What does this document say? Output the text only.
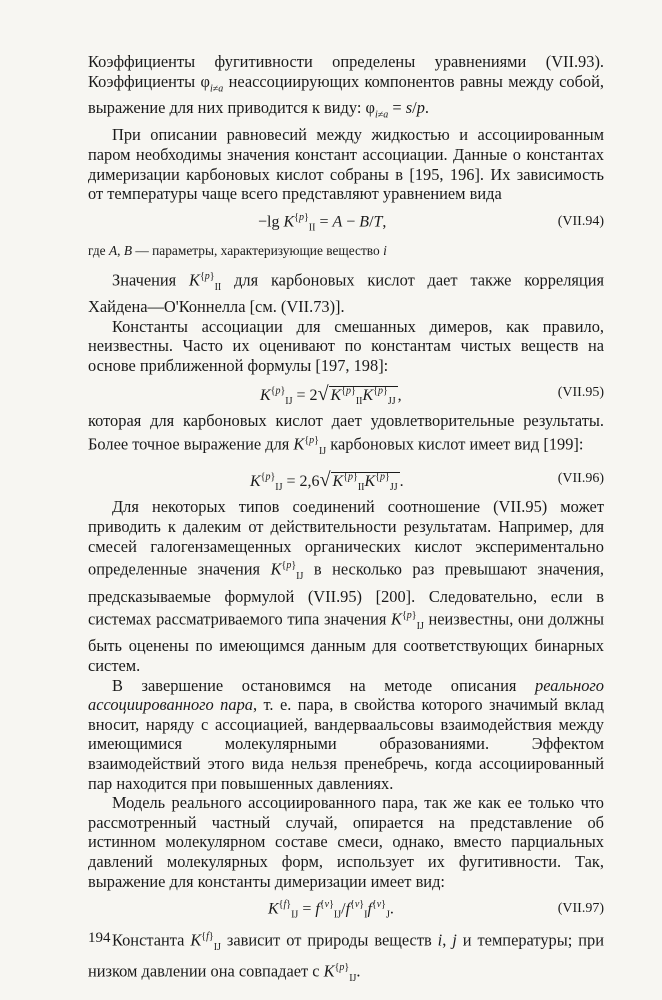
Коэффициенты фугитивности определены уравнениями (VII.93). Коэффициенты $\varphi_{i\ne a}$ неассоциирующих компонентов равны между собой, выражение для них приводится к виду: $\varphi_{i\ne a} = s/p$.

При описании равновесий между жидкостью и ассоциированным паром необходимы значения констант ассоциации. Данные о константах димеризации карбоновых кислот собраны в [195, 196]. Их зависимость от температуры чаще всего представляют уравнением вида

−lg $K^{\{p\}}_{II} = A - B/T$,	(VII.94)

где A, B — параметры, характеризующие вещество i

Значения $K^{\{p\}}_{II}$ для карбоновых кислот дает также корреляция Хайдена—О'Коннелла [см. (VII.73)].

Константы ассоциации для смешанных димеров, как правило, неизвестны. Часто их оценивают по константам чистых веществ на основе приближенной формулы [197, 198]:

$K^{\{p\}}_{IJ} = 2√$ $K^{\{p\}}_{II}K^{\{p\}}_{JJ}$ ,	(VII.95)

которая для карбоновых кислот дает удовлетворительные результаты. Более точное выражение для $K^{\{p\}}_{IJ}$ карбоновых кислот имеет вид [199]:

$K^{\{p\}}_{IJ} = 2,6√$ $K^{\{p\}}_{II}K^{\{p\}}_{JJ}$ .	(VII.96)

Для некоторых типов соединений соотношение (VII.95) может приводить к далеким от действительности результатам. Например, для смесей галогензамещенных органических кислот экспериментально определенные значения $K^{\{p\}}_{IJ}$ в несколько раз превышают значения, предсказываемые формулой (VII.95) [200]. Следовательно, если в системах рассматриваемого типа значения $K^{\{p\}}_{IJ}$ неизвестны, они должны быть оценены по имеющимся данным для соответствующих бинарных систем.

В завершение остановимся на методе описания реального ассоциированного пара, т. е. пара, в свойства которого значимый вклад вносит, наряду с ассоциацией, вандерваальсовы взаимодействия между имеющимися молекулярными образованиями. Эффектом взаимодействий этого вида нельзя пренебречь, когда ассоциированный пар находится при повышенных давлениях.

Модель реального ассоциированного пара, так же как ее только что рассмотренный частный случай, опирается на представление об истинном молекулярном составе смеси, однако, вместо парциальных давлений молекулярных форм, использует их фугитивности. Так, выражение для константы димеризации имеет вид:

$K^{\{f\}}_{IJ} = f^{\{v\}}_{IJ}/f^{\{v\}}_If^{\{v\}}_J$.	(VII.97)

Константа $K^{\{f\}}_{IJ}$ зависит от природы веществ i, j и температуры; при низком давлении она совпадает с $K^{\{p\}}_{IJ}$.

194
